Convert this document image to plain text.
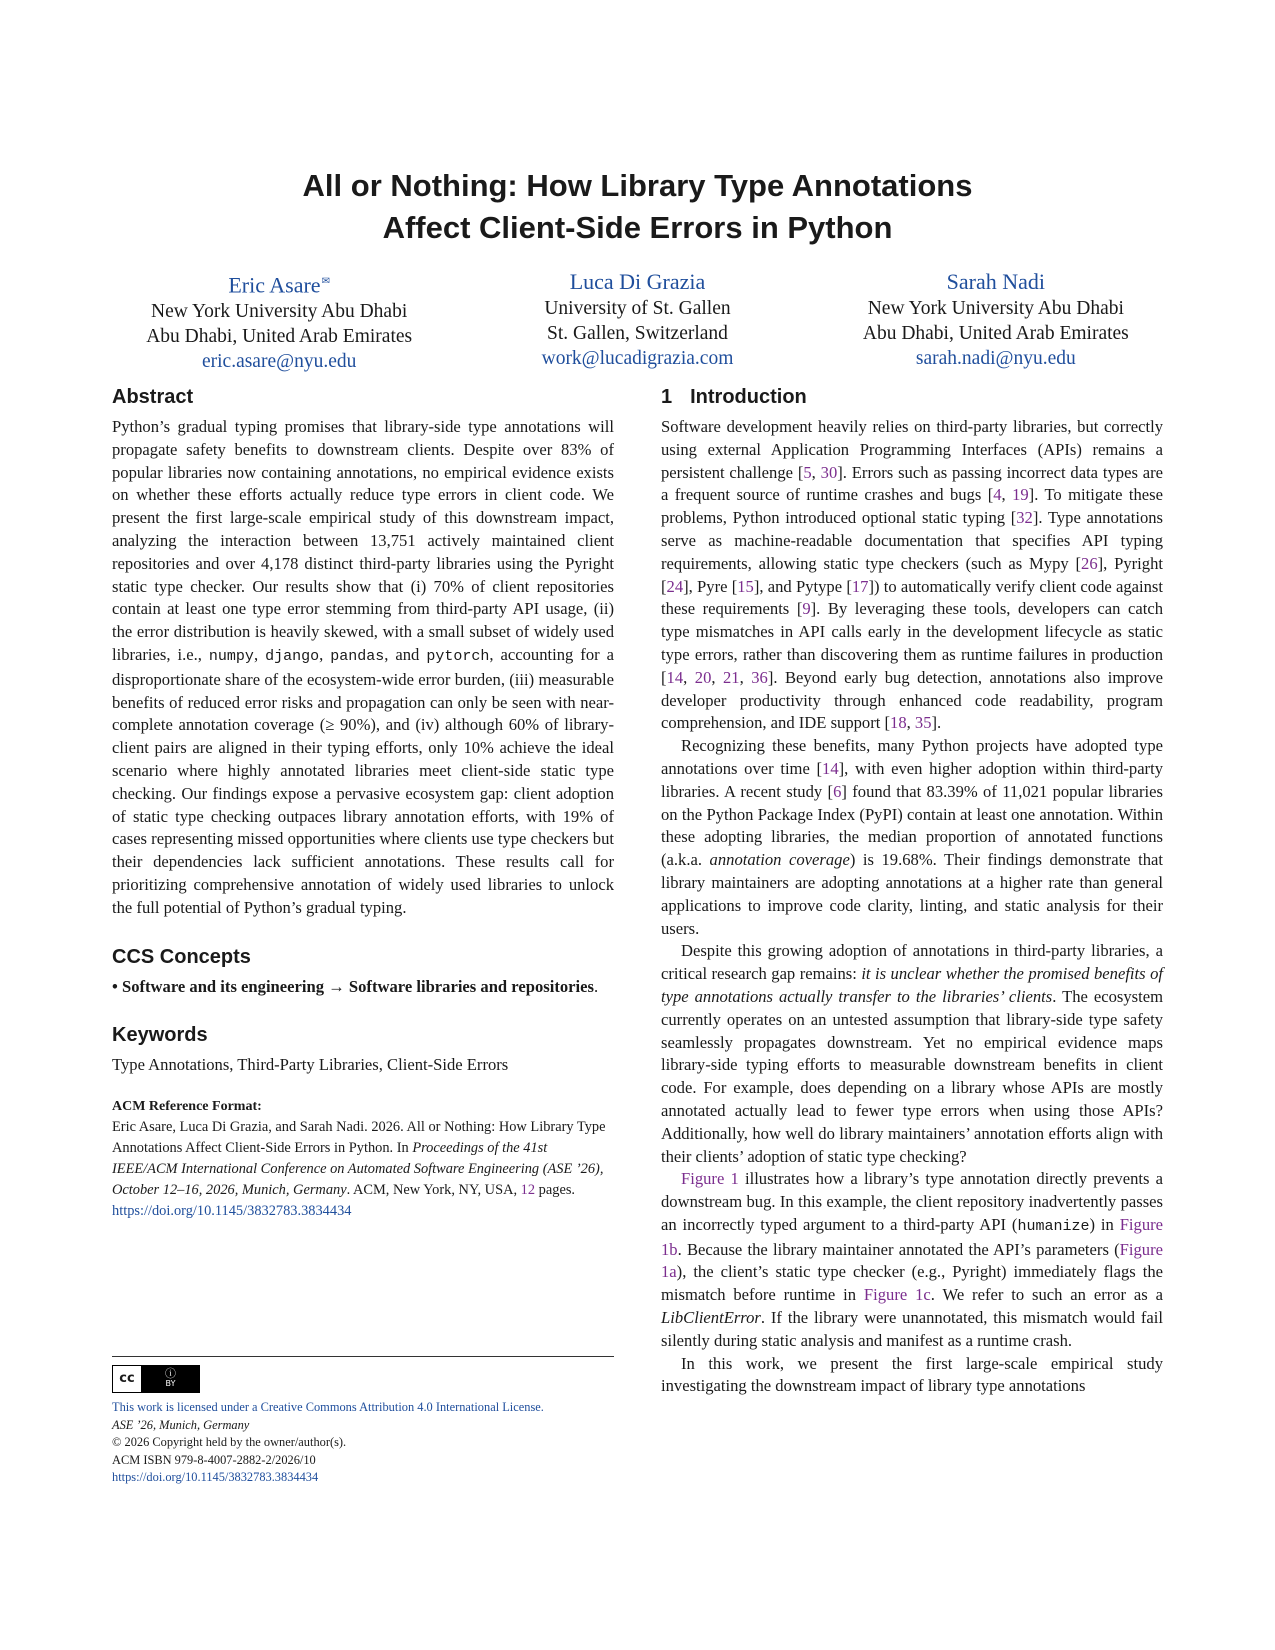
All or Nothing: How Library Type Annotations
Affect Client-Side Errors in Python
Eric Asare✉
New York University Abu Dhabi
Abu Dhabi, United Arab Emirates
eric.asare@nyu.edu
Luca Di Grazia
University of St. Gallen
St. Gallen, Switzerland
work@lucadigrazia.com
Sarah Nadi
New York University Abu Dhabi
Abu Dhabi, United Arab Emirates
sarah.nadi@nyu.edu
Abstract

Python’s gradual typing promises that library-side type annotations will propagate safety benefits to downstream clients. Despite over 83% of popular libraries now containing annotations, no empirical evidence exists on whether these efforts actually reduce type errors in client code. We present the first large-scale empirical study of this downstream impact, analyzing the interaction between 13,751 actively maintained client repositories and over 4,178 distinct third-party libraries using the Pyright static type checker. Our results show that (i) 70% of client repositories contain at least one type error stemming from third-party API usage, (ii) the error distribution is heavily skewed, with a small subset of widely used libraries, i.e., numpy, django, pandas, and pytorch, accounting for a disproportionate share of the ecosystem-wide error burden, (iii) measurable benefits of reduced error risks and propagation can only be seen with near-complete annotation coverage (≥ 90%), and (iv) although 60% of library-client pairs are aligned in their typing efforts, only 10% achieve the ideal scenario where highly annotated libraries meet client-side static type checking. Our findings expose a pervasive ecosystem gap: client adoption of static type checking outpaces library annotation efforts, with 19% of cases representing missed opportunities where clients use type checkers but their dependencies lack sufficient annotations. These results call for prioritizing comprehensive annotation of widely used libraries to unlock the full potential of Python’s gradual typing.

CCS Concepts

• Software and its engineering → Software libraries and repositories.

Keywords

Type Annotations, Third-Party Libraries, Client-Side Errors

ACM Reference Format:
Eric Asare, Luca Di Grazia, and Sarah Nadi. 2026. All or Nothing: How Library Type Annotations Affect Client-Side Errors in Python. In Proceedings of the 41st IEEE/ACM International Conference on Automated Software Engineering (ASE ’26), October 12–16, 2026, Munich, Germany. ACM, New York, NY, USA, 12 pages. https://doi.org/10.1145/3832783.3834434
cc	ⓘ
BY
This work is licensed under a Creative Commons Attribution 4.0 International License.
ASE ’26, Munich, Germany
© 2026 Copyright held by the owner/author(s).
ACM ISBN 979-8-4007-2882-2/2026/10
https://doi.org/10.1145/3832783.3834434
1 Introduction

Software development heavily relies on third-party libraries, but correctly using external Application Programming Interfaces (APIs) remains a persistent challenge [5, 30]. Errors such as passing incorrect data types are a frequent source of runtime crashes and bugs [4, 19]. To mitigate these problems, Python introduced optional static typing [32]. Type annotations serve as machine-readable documentation that specifies API typing requirements, allowing static type checkers (such as Mypy [26], Pyright [24], Pyre [15], and Pytype [17]) to automatically verify client code against these requirements [9]. By leveraging these tools, developers can catch type mismatches in API calls early in the development lifecycle as static type errors, rather than discovering them as runtime failures in production [14, 20, 21, 36]. Beyond early bug detection, annotations also improve developer productivity through enhanced code readability, program comprehension, and IDE support [18, 35].

Recognizing these benefits, many Python projects have adopted type annotations over time [14], with even higher adoption within third-party libraries. A recent study [6] found that 83.39% of 11,021 popular libraries on the Python Package Index (PyPI) contain at least one annotation. Within these adopting libraries, the median proportion of annotated functions (a.k.a. annotation coverage) is 19.68%. Their findings demonstrate that library maintainers are adopting annotations at a higher rate than general applications to improve code clarity, linting, and static analysis for their users.

Despite this growing adoption of annotations in third-party libraries, a critical research gap remains: it is unclear whether the promised benefits of type annotations actually transfer to the libraries’ clients. The ecosystem currently operates on an untested assumption that library-side type safety seamlessly propagates downstream. Yet no empirical evidence maps library-side typing efforts to measurable downstream benefits in client code. For example, does depending on a library whose APIs are mostly annotated actually lead to fewer type errors when using those APIs? Additionally, how well do library maintainers’ annotation efforts align with their clients’ adoption of static type checking?

Figure 1 illustrates how a library’s type annotation directly prevents a downstream bug. In this example, the client repository inadvertently passes an incorrectly typed argument to a third-party API (humanize) in Figure 1b. Because the library maintainer annotated the API’s parameters (Figure 1a), the client’s static type checker (e.g., Pyright) immediately flags the mismatch before runtime in Figure 1c. We refer to such an error as a LibClientError. If the library were unannotated, this mismatch would fail silently during static analysis and manifest as a runtime crash.

In this work, we present the first large-scale empirical study investigating the downstream impact of library type annotations
